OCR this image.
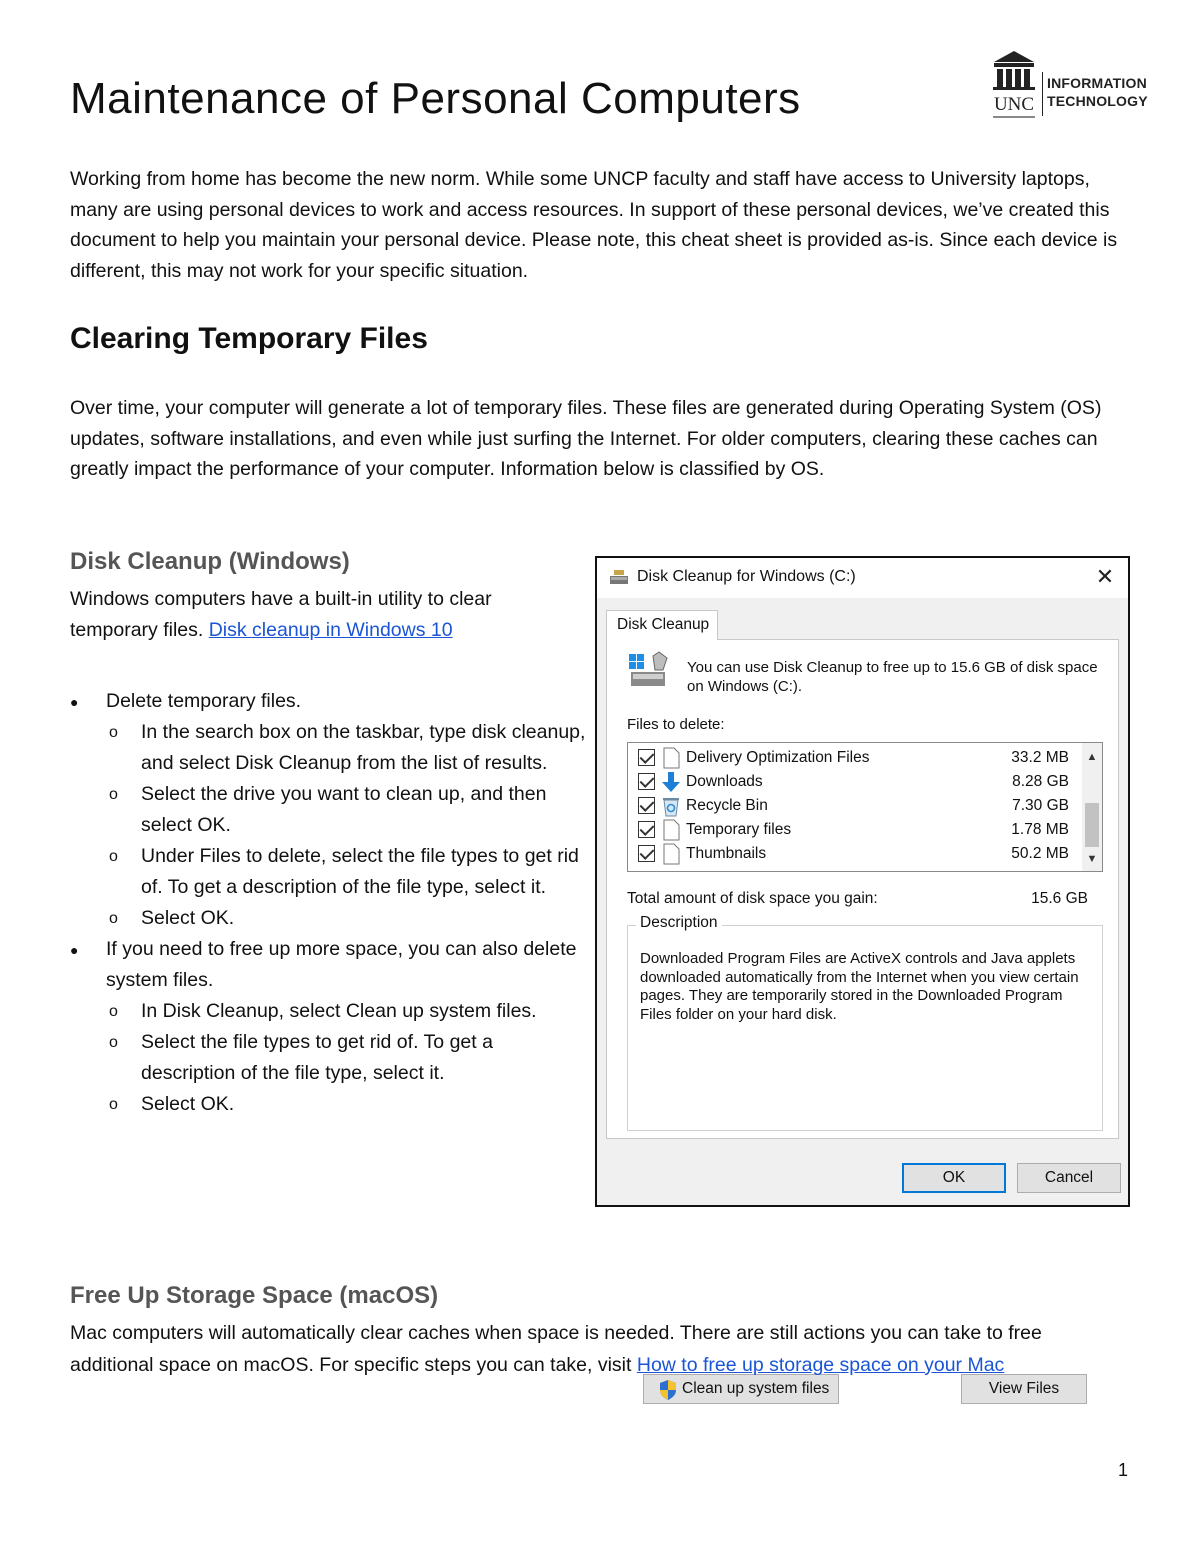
Maintenance of Personal Computers	UNC
INFORMATION
TECHNOLOGY

Working from home has become the new norm. While some UNCP faculty and staff have access to University laptops, many are using personal devices to work and access resources. In support of these personal devices, we’ve created this document to help you maintain your personal device. Please note, this cheat sheet is provided as-is. Since each device is different, this may not work for your specific situation.

Clearing Temporary Files

Over time, your computer will generate a lot of temporary files. These files are generated during Operating System (OS) updates, software installations, and even while just surfing the Internet. For older computers, clearing these caches can greatly impact the performance of your computer. Information below is classified by OS.

Disk Cleanup (Windows)

Windows computers have a built-in utility to clear temporary files. Disk cleanup in Windows 10

● Delete temporary files.
o In the search box on the taskbar, type disk cleanup, and select Disk Cleanup from the list of results.
o Select the drive you want to clean up, and then select OK.
o Under Files to delete, select the file types to get rid of. To get a description of the file type, select it.
o Select OK.
● If you need to free up more space, you can also delete system files.
o In Disk Cleanup, select Clean up system files.
o Select the file types to get rid of. To get a description of the file type, select it.
o Select OK.
Disk Cleanup for Windows (C:)	✕
Disk Cleanup
You can use Disk Cleanup to free up to 15.6 GB of disk space on Windows (C:).
Files to delete:
Delivery Optimization Files	33.2 MB
Downloads	8.28 GB
Recycle Bin	7.30 GB
Temporary files	1.78 MB
Thumbnails	50.2 MB
▲
▼
Total amount of disk space you gain:	15.6 GB
Description
Downloaded Program Files are ActiveX controls and Java applets downloaded automatically from the Internet when you view certain pages. They are temporarily stored in the Downloaded Program Files folder on your hard disk.
Clean up system files	View Files
OK	Cancel
Free Up Storage Space (macOS)

Mac computers will automatically clear caches when space is needed. There are still actions you can take to free additional space on macOS. For specific steps you can take, visit How to free up storage space on your Mac

1
